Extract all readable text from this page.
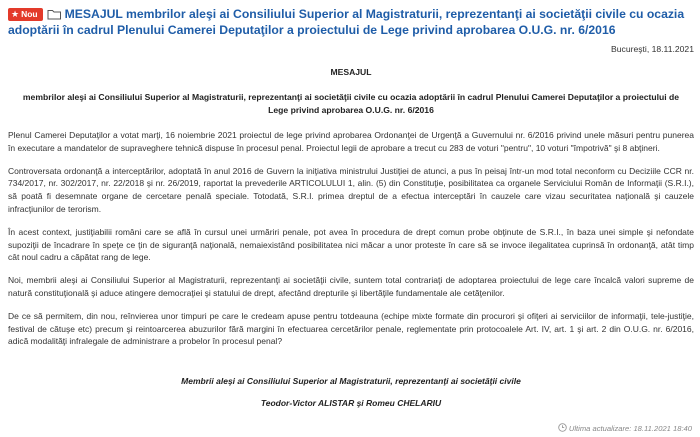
★ Nou MESAJUL membrilor aleşi ai Consiliului Superior al Magistraturii, reprezentanţi ai societăţii civile cu ocazia adoptării în cadrul Plenului Camerei Deputaţilor a proiectului de Lege privind aprobarea O.U.G. nr. 6/2016
Bucureşti, 18.11.2021
MESAJUL
membrilor aleşi ai Consiliului Superior al Magistraturii, reprezentanţi ai societăţii civile cu ocazia adoptării în cadrul Plenului Camerei Deputaţilor a proiectului de Lege privind aprobarea O.U.G. nr. 6/2016

Plenul Camerei Deputaţilor a votat marţi, 16 noiembrie 2021 proiectul de lege privind aprobarea Ordonanţei de Urgenţă a Guvernului nr. 6/2016 privind unele măsuri pentru punerea în executare a mandatelor de supraveghere tehnică dispuse în procesul penal. Proiectul legii de aprobare a trecut cu 283 de voturi "pentru", 10 voturi "împotrivă" şi 8 abţineri.

Controversata ordonanţă a interceptărilor, adoptată în anul 2016 de Guvern la iniţiativa ministrului Justiţiei de atunci, a pus în peisaj într-un mod total neconform cu Deciziile CCR nr. 734/2017, nr. 302/2017, nr. 22/2018 şi nr. 26/2019, raportat la prevederile ARTICOLULUI 1, alin. (5) din Constituţie, posibilitatea ca organele Serviciului Român de Informaţii (S.R.I.), să poată fi desemnate organe de cercetare penală speciale. Totodată, S.R.I. primea dreptul de a efectua interceptări în cauzele care vizau securitatea naţională şi cauzele infracţiunilor de terorism.

În acest context, justiţiabilii români care se află în cursul unei urmăriri penale, pot avea în procedura de drept comun probe obţinute de S.R.I., în baza unei simple şi nefondate supoziţii de încadrare în speţe ce ţin de siguranţă naţională, nemaiexistând posibilitatea nici măcar a unor proteste în care să se invoce ilegalitatea cuprinsă în ordonanţă, atât timp cât noul cadru a căpătat rang de lege.

Noi, membrii aleşi ai Consiliului Superior al Magistraturii, reprezentanţi ai societăţii civile, suntem total contrariaţi de adoptarea proiectului de lege care încalcă valori supreme de natură constituţională şi aduce atingere democraţiei şi statului de drept, afectând drepturile şi libertăţile fundamentale ale cetăţenilor.

De ce să permitem, din nou, reînvierea unor timpuri pe care le credeam apuse pentru totdeauna (echipe mixte formate din procurori şi ofiţeri ai serviciilor de informaţii, tele-justiţie, festival de cătuşe etc) precum şi reintoarcerea abuzurilor fără margini în efectuarea cercetărilor penale, reglementate prin protocoalele Art. IV, art. 1 şi art. 2 din O.U.G. nr. 6/2016, adică modalităţi infralegale de administrare a probelor în procesul penal?

Membrii aleşi ai Consiliului Superior al Magistraturii, reprezentanţi ai societăţii civile
Teodor-Victor ALISTAR şi Romeu CHELARIU
Ultima actualizare: 18.11.2021 18:40
